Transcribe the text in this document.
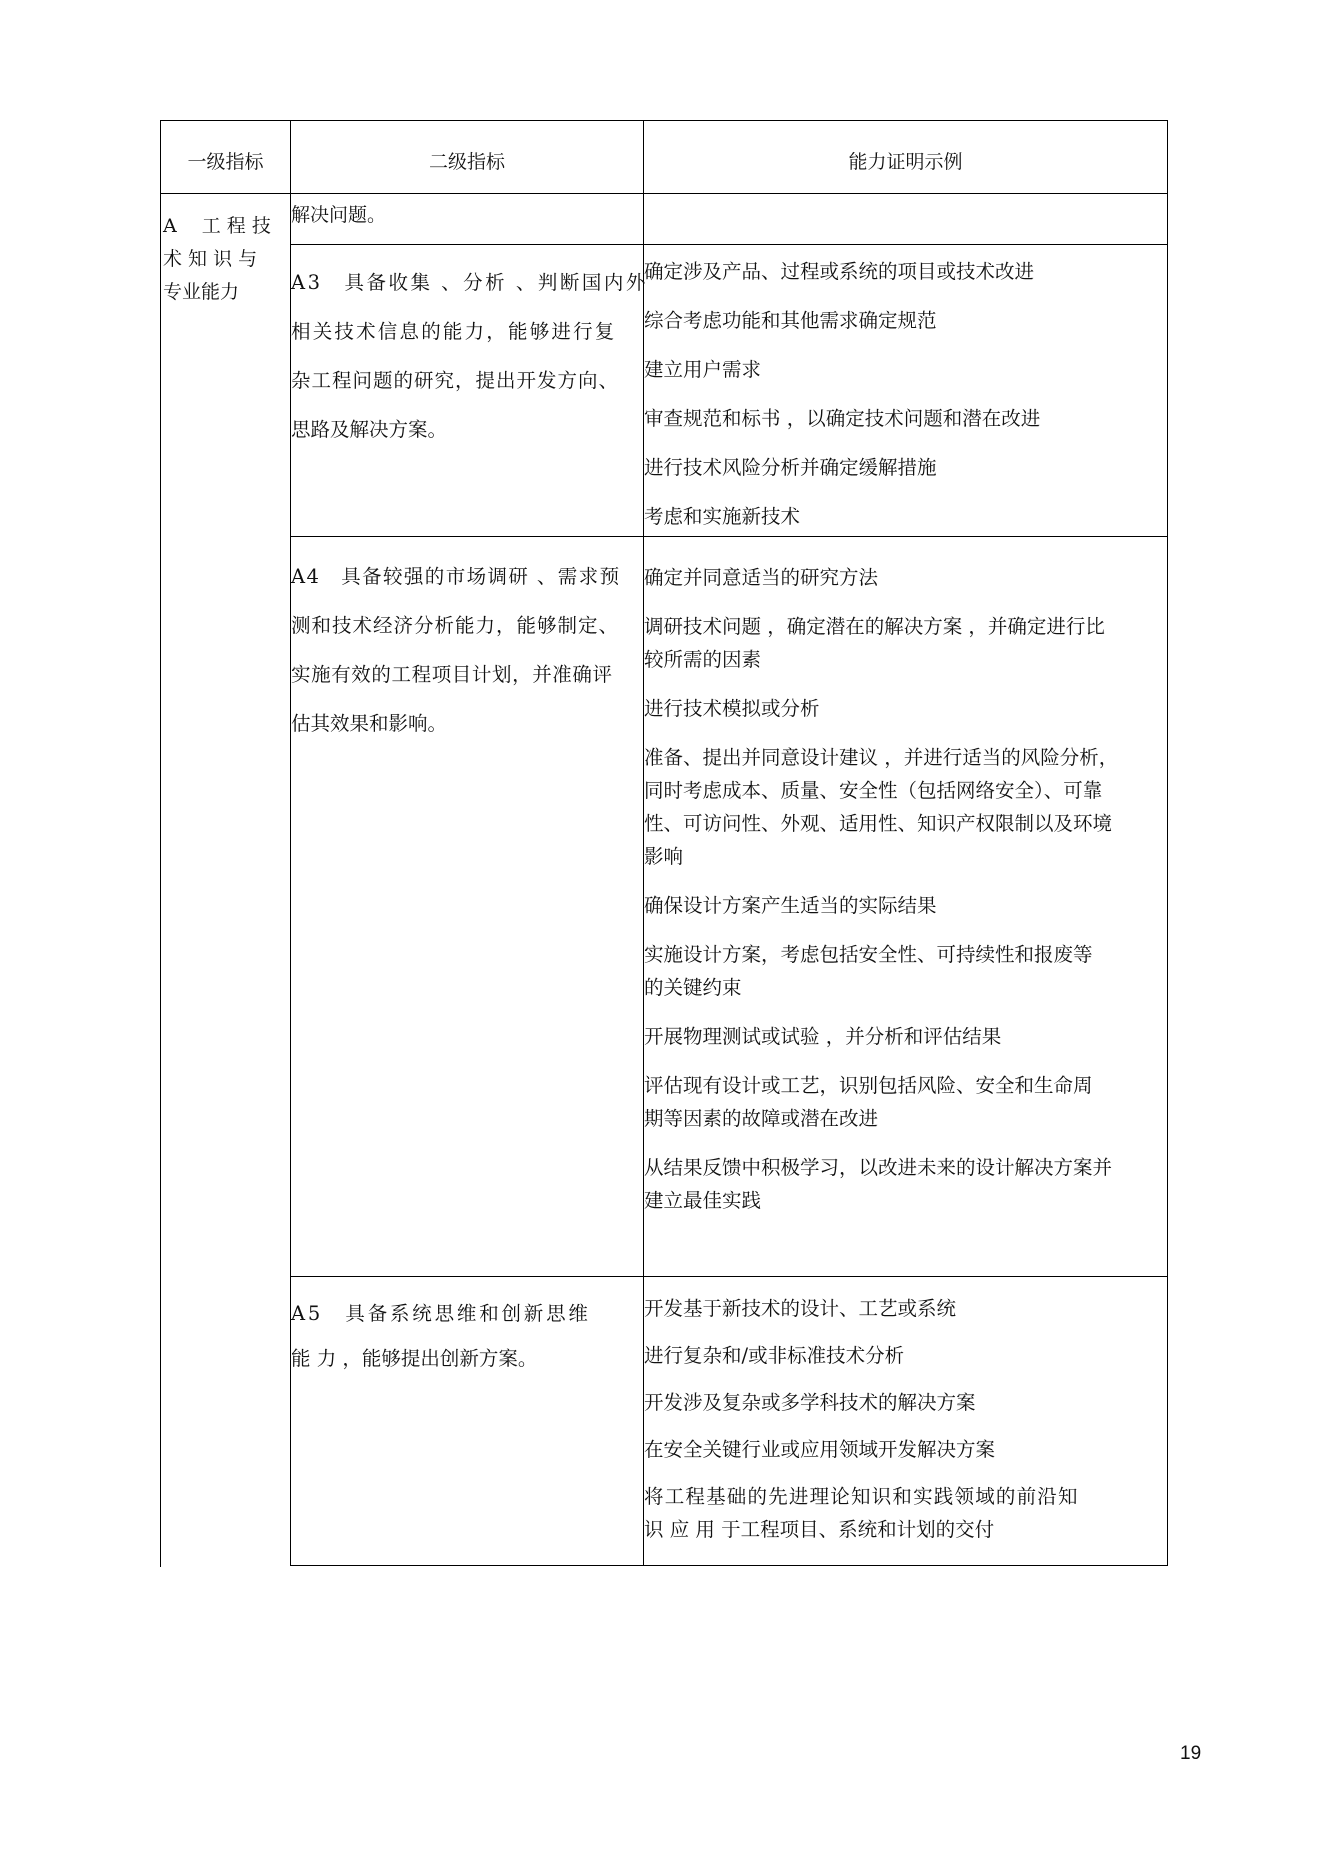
一级指标	二级指标	能力证明示例
A　 工 程 技
术 知 识 与
专业能力
解决问题。
A3　具备收集 、分析 、判断国内外
相关技术信息的能力，能够进行复
杂工程问题的研究，提出开发方向、
思路及解决方案。
确定涉及产品、过程或系统的项目或技术改进
综合考虑功能和其他需求确定规范
建立用户需求
审查规范和标书 ，以确定技术问题和潜在改进
进行技术风险分析并确定缓解措施
考虑和实施新技术
A4　具备较强的市场调研 、需求预
测和技术经济分析能力，能够制定、
实施有效的工程项目计划，并准确评
估其效果和影响。
确定并同意适当的研究方法
调研技术问题 ，确定潜在的解决方案 ，并确定进行比
较所需的因素
进行技术模拟或分析
准备、提出并同意设计建议 ，并进行适当的风险分析，
同时考虑成本、质量、安全性（包括网络安全）、可靠
性、可访问性、外观、适用性、知识产权限制以及环境
影响
确保设计方案产生适当的实际结果
实施设计方案，考虑包括安全性、可持续性和报废等
的关键约束
开展物理测试或试验 ，并分析和评估结果
评估现有设计或工艺，识别包括风险、安全和生命周
期等因素的故障或潜在改进
从结果反馈中积极学习，以改进未来的设计解决方案并
建立最佳实践
A5　具备系统思维和创新思维
能 力 ，能够提出创新方案。
开发基于新技术的设计、工艺或系统
进行复杂和/或非标准技术分析
开发涉及复杂或多学科技术的解决方案
在安全关键行业或应用领域开发解决方案
将工程基础的先进理论知识和实践领域的前沿知
识 应 用 于工程项目、系统和计划的交付
19
